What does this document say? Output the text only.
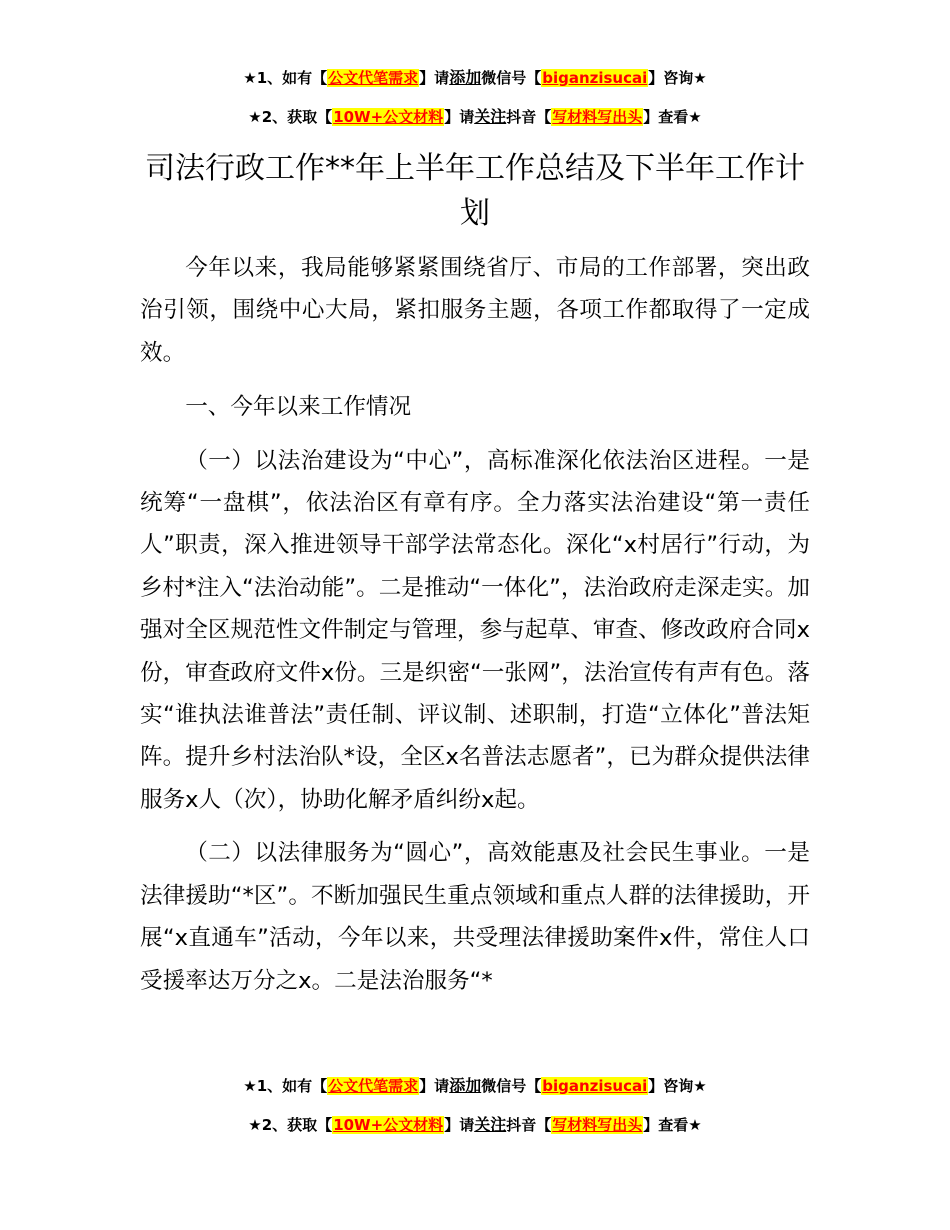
★1、如有【公文代笔需求】请添加微信号【biganzisucai】咨询★
★2、获取【10W+公文材料】请关注抖音【写材料写出头】查看★
司法行政工作**年上半年工作总结及下半年工作计划

今年以来，我局能够紧紧围绕省厅、市局的工作部署，突出政治引领，围绕中心大局，紧扣服务主题，各项工作都取得了一定成效。

一、今年以来工作情况

（一）以法治建设为“中心”，高标准深化依法治区进程。一是统筹“一盘棋”，依法治区有章有序。全力落实法治建设“第一责任人”职责，深入推进领导干部学法常态化。深化“x村居行”行动，为乡村*注入“法治动能”。二是推动“一体化”，法治政府走深走实。加强对全区规范性文件制定与管理，参与起草、审查、修改政府合同x份，审查政府文件x份。三是织密“一张网”，法治宣传有声有色。落实“谁执法谁普法”责任制、评议制、述职制，打造“立体化”普法矩阵。提升乡村法治队*设，全区x名普法志愿者”，已为群众提供法律服务x人（次），协助化解矛盾纠纷x起。

（二）以法律服务为“圆心”，高效能惠及社会民生事业。一是法律援助“*区”。不断加强民生重点领域和重点人群的法律援助，开展“x直通车”活动，今年以来，共受理法律援助案件x件，常住人口受援率达万分之x。二是法治服务“*

★1、如有【公文代笔需求】请添加微信号【biganzisucai】咨询★
★2、获取【10W+公文材料】请关注抖音【写材料写出头】查看★
